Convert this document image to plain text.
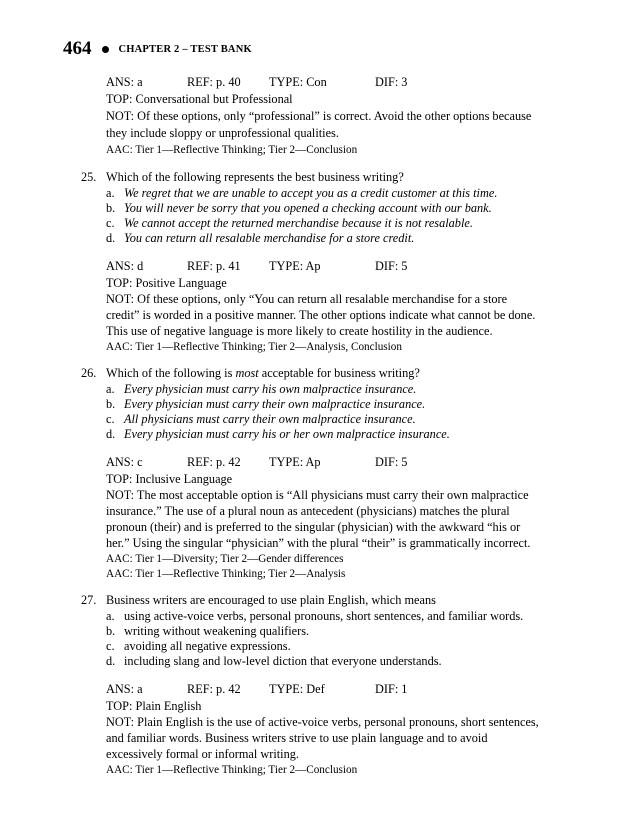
464	CHAPTER 2 – TEST BANK
ANS: a	REF: p. 40 TYPE: Con	DIF: 3
TOP: Conversational but Professional
NOT: Of these options, only “professional” is correct. Avoid the other options because
they include sloppy or unprofessional qualities.
AAC: Tier 1—Reflective Thinking; Tier 2—Conclusion
25. Which of the following represents the best business writing?
a. We regret that we are unable to accept you as a credit customer at this time.
b. You will never be sorry that you opened a checking account with our bank.
c. We cannot accept the returned merchandise because it is not resalable.
d. You can return all resalable merchandise for a store credit.
ANS: d	REF: p. 41 TYPE: Ap	DIF: 5
TOP: Positive Language
NOT: Of these options, only “You can return all resalable merchandise for a store
credit” is worded in a positive manner. The other options indicate what cannot be done.
This use of negative language is more likely to create hostility in the audience.
AAC: Tier 1—Reflective Thinking; Tier 2—Analysis, Conclusion
26. Which of the following is most acceptable for business writing?
a. Every physician must carry his own malpractice insurance.
b. Every physician must carry their own malpractice insurance.
c. All physicians must carry their own malpractice insurance.
d. Every physician must carry his or her own malpractice insurance.
ANS: c	REF: p. 42 TYPE: Ap	DIF: 5
TOP: Inclusive Language
NOT: The most acceptable option is “All physicians must carry their own malpractice
insurance.” The use of a plural noun as antecedent (physicians) matches the plural
pronoun (their) and is preferred to the singular (physician) with the awkward “his or
her.” Using the singular “physician” with the plural “their” is grammatically incorrect.
AAC: Tier 1—Diversity; Tier 2—Gender differences
AAC: Tier 1—Reflective Thinking; Tier 2—Analysis
27. Business writers are encouraged to use plain English, which means
a. using active-voice verbs, personal pronouns, short sentences, and familiar words.
b. writing without weakening qualifiers.
c. avoiding all negative expressions.
d. including slang and low-level diction that everyone understands.
ANS: a	REF: p. 42 TYPE: Def	DIF: 1
TOP: Plain English
NOT: Plain English is the use of active-voice verbs, personal pronouns, short sentences,
and familiar words. Business writers strive to use plain language and to avoid
excessively formal or informal writing.
AAC: Tier 1—Reflective Thinking; Tier 2—Conclusion
